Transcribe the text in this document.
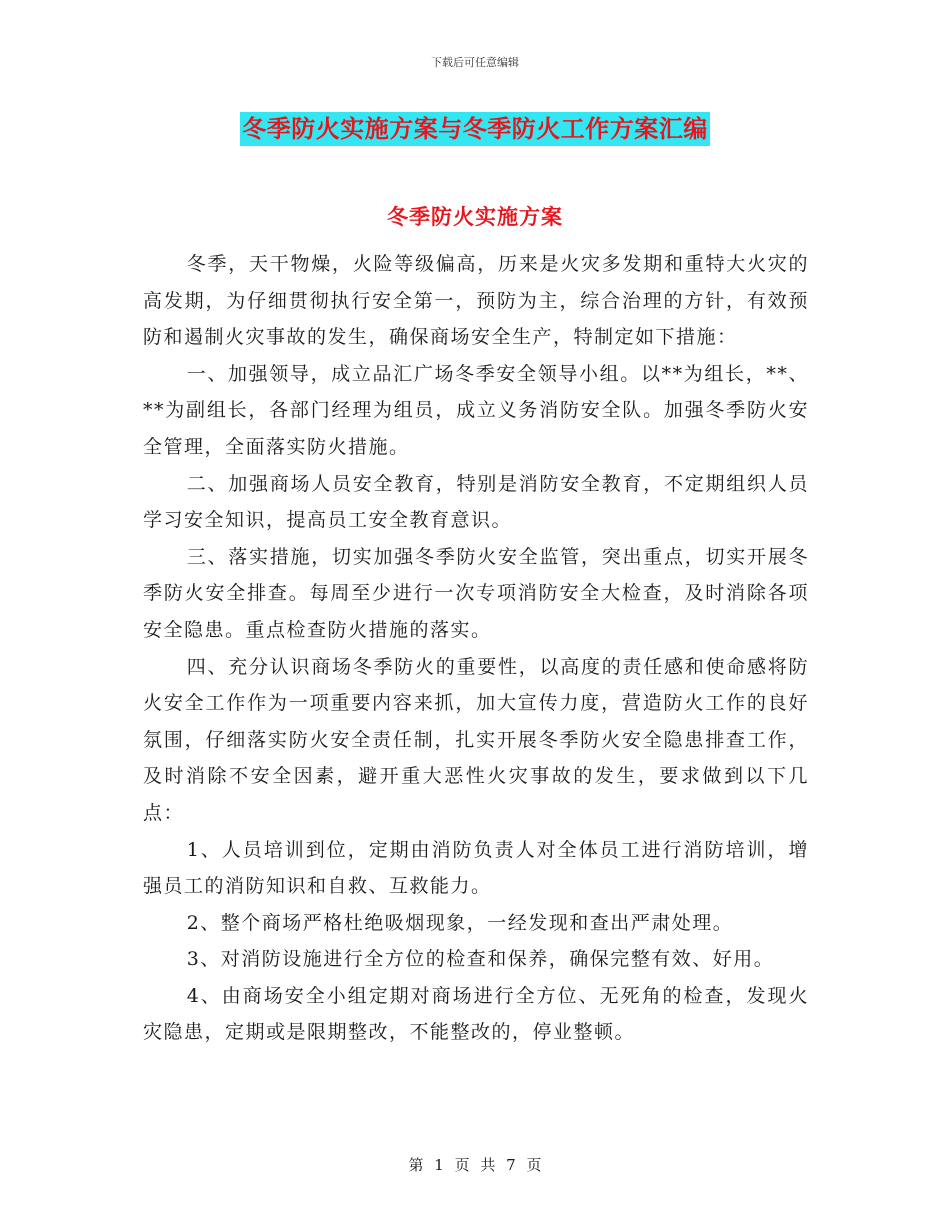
下载后可任意编辑
冬季防火实施方案与冬季防火工作方案汇编
冬季防火实施方案

冬季，天干物燥，火险等级偏高，历来是火灾多发期和重特大火灾的高发期，为仔细贯彻执行安全第一，预防为主，综合治理的方针，有效预防和遏制火灾事故的发生，确保商场安全生产，特制定如下措施：

一、加强领导，成立品汇广场冬季安全领导小组。以**为组长，**、**为副组长，各部门经理为组员，成立义务消防安全队。加强冬季防火安全管理，全面落实防火措施。

二、加强商场人员安全教育，特别是消防安全教育，不定期组织人员学习安全知识，提高员工安全教育意识。

三、落实措施，切实加强冬季防火安全监管，突出重点，切实开展冬季防火安全排查。每周至少进行一次专项消防安全大检查，及时消除各项安全隐患。重点检查防火措施的落实。

四、充分认识商场冬季防火的重要性，以高度的责任感和使命感将防火安全工作作为一项重要内容来抓，加大宣传力度，营造防火工作的良好氛围，仔细落实防火安全责任制，扎实开展冬季防火安全隐患排查工作，及时消除不安全因素，避开重大恶性火灾事故的发生，要求做到以下几点：

1、人员培训到位，定期由消防负责人对全体员工进行消防培训，增强员工的消防知识和自救、互救能力。

2、整个商场严格杜绝吸烟现象，一经发现和查出严肃处理。

3、对消防设施进行全方位的检查和保养，确保完整有效、好用。

4、由商场安全小组定期对商场进行全方位、无死角的检查，发现火灾隐患，定期或是限期整改，不能整改的，停业整顿。

第 1 页 共 7 页
